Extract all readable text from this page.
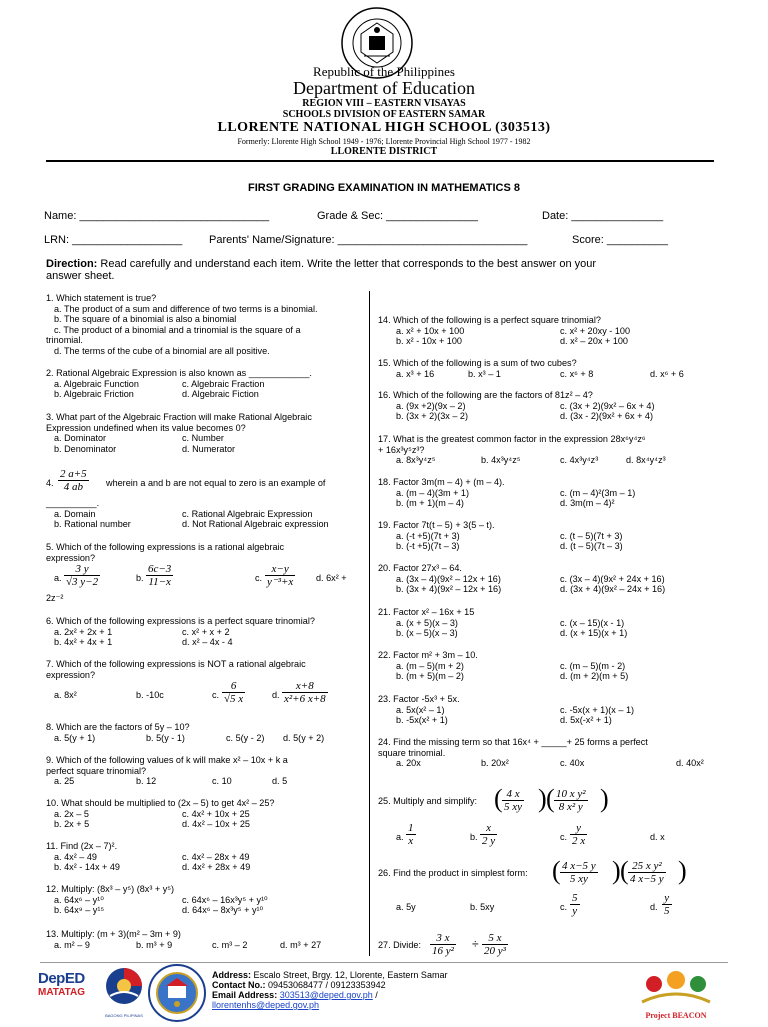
Republic of the Philippines
Department of Education
REGION VIII – EASTERN VISAYAS
SCHOOLS DIVISION OF EASTERN SAMAR
LLORENTE NATIONAL HIGH SCHOOL (303513)
Formerly: Llorente High School 1949 - 1976; Llorente Provincial High School 1977 - 1982
LLORENTE DISTRICT
FIRST GRADING EXAMINATION IN MATHEMATICS 8
Name: _______________________________	Grade & Sec: _______________	Date: _______________
LRN: __________________ Parents' Name/Signature: _______________________________	Score: __________
Direction: Read carefully and understand each item. Write the letter that corresponds to the best answer on your
answer sheet.
1. Which statement is true?
a. The product of a sum and difference of two terms is a binomial.
b. The square of a binomial is also a binomial
c. The product of a binomial and a trinomial is the square of a
trinomial.
d. The terms of the cube of a binomial are all positive.
2. Rational Algebraic Expression is also known as ____________.
a. Algebraic Function	c. Algebraic Fraction
b. Algebraic Friction	d. Algebraic Fiction
3. What part of the Algebraic Fraction will make Rational Algebraic
Expression undefined when its value becomes 0?
a. Dominator	c. Number
b. Denominator	d. Numerator
4. $\frac{2 a+5}{4 ab}$ wherein a and b are not equal to zero is an example of
__________.
a. Domain	c. Rational Algebraic Expression
b. Rational number	d. Not Rational Algebraic expression
5. Which of the following expressions is a rational algebraic
expression?
a. $\frac{3 y}{√3 y-2}$	b. $\frac{6c-3}{11-x}$	c. $\frac{x-y}{\text{y⁻³+x}} d$. 6x² +
2z⁻²
6. Which of the following expressions is a perfect square trinomial?
a. 2x² + 2x + 1	c. x² + x + 2
b. 4x² + 4x + 1	d. x² – 4x - 4
7. Which of the following expressions is NOT a rational algebraic
expression?
a. 8x²	b. -10c	c. $\frac{6}{√5 x}$	d. $\frac{x+8}{\text{x²+6 x+8}}$
8. Which are the factors of 5y – 10?
a. 5(y + 1)	b. 5(y - 1)	c. 5(y - 2) d. 5(y + 2)
9. Which of the following values of k will make x² – 10x + k a
perfect square trinomial?
a. 25	b. 12	c. 10	d. 5
10. What should be multiplied to (2x – 5) to get 4x² – 25?
a. 2x – 5	c. 4x² + 10x + 25
b. 2x + 5	d. 4x² – 10x + 25
11. Find (2x – 7)².
a. 4x² – 49	c. 4x² – 28x + 49
b. 4x² - 14x + 49	d. 4x² + 28x + 49
12. Multiply: (8x³ – y⁵) (8x³ + y⁵)
a. 64x⁶ – y¹⁰	c. 64x⁶ – 16x³y⁵ + y¹⁰
b. 64x⁹ – y¹⁵	d. 64x⁶ – 8x³y⁵ + y¹⁰
13. Multiply: (m + 3)(m² – 3m + 9)
a. m² – 9	b. m³ + 9	c. m³ – 2	d. m³ + 27
14. Which of the following is a perfect square trinomial?
a. x² + 10x + 100	c. x² + 20xy - 100
b. x² - 10x + 100	d. x² – 20x + 100
15. Which of the following is a sum of two cubes?
a. x³ + 16	b. x³ – 1	c. x⁶ + 8	d. x⁶ + 6
16. Which of the following are the factors of 81z² – 4?
a. (9x +2)(9x – 2)	c. (3x + 2)(9x² – 6x + 4)
b. (3x + 2)(3x – 2)	d. (3x - 2)(9x² + 6x + 4)
17. What is the greatest common factor in the expression 28x⁶y⁴z⁶
+ 16x³y⁵z³?
a. 8x³y⁴z⁵	b. 4x³y⁴z⁵	c. 4x³y⁴z³	d. 8x⁴y⁴z³
18. Factor 3m(m – 4) + (m – 4).
a. (m – 4)(3m + 1)	c. (m – 4)²(3m – 1)
b. (m + 1)(m – 4)	d. 3m(m – 4)²
19. Factor 7t(t – 5) + 3(5 – t).
a. (-t +5)(7t + 3)	c. (t – 5)(7t + 3)
b. (-t +5)(7t – 3)	d. (t – 5)(7t – 3)
20. Factor 27x³ – 64.
a. (3x – 4)(9x² – 12x + 16)	c. (3x – 4)(9x² + 24x + 16)
b. (3x + 4)(9x² – 12x + 16)	d. (3x + 4)(9x² – 24x + 16)
21. Factor x² – 16x + 15
a. (x + 5)(x – 3)	c. (x – 15)(x - 1)
b. (x – 5)(x – 3)	d. (x + 15)(x + 1)
22. Factor m² + 3m – 10.
a. (m – 5)(m + 2)	c. (m – 5)(m - 2)
b. (m + 5)(m – 2)	d. (m + 2)(m + 5)
23. Factor -5x³ + 5x.
a. 5x(x² – 1)	c. -5x(x + 1)(x – 1)
b. -5x(x² + 1)	d. 5x(-x² + 1)
24. Find the missing term so that 16x⁴ + _____+ 25 forms a perfect
square trinomial.
a. 20x	b. 20x²	c. 40x	d. 40x²
25. Multiply and simplify: ( $\frac{4 x}{5 xy}$ ) ( $\frac{\text{10 x y²}}{\text{8 x² y}}$ )
a. $\frac{1}{x}$	b. $\frac{x}{2 y}$	c. $\frac{y}{2 x}$	d. x
26. Find the product in simplest form: ( $\frac{4 x-5 y}{5 xy}$ ) ( $\frac{\text{25 x y²}}{4 x-5 y}$ )
a. 5y	b. 5xy	c. $\frac{5}{y}$	d. $\frac{y}{5}$
27. Divide: $\frac{3 x}{\text{16 y²}} \div \frac{5 x}{\text{20 y³}}$
DepED
MATATAG
BAGONG PILIPINAS
Address: Escalo Street, Brgy. 12, Llorente, Eastern Samar
Contact No.: 09453068477 / 09123353942
Email Address: 303513@deped.gov.ph /
llorentenhs@deped.gov.ph
Project BEACON
